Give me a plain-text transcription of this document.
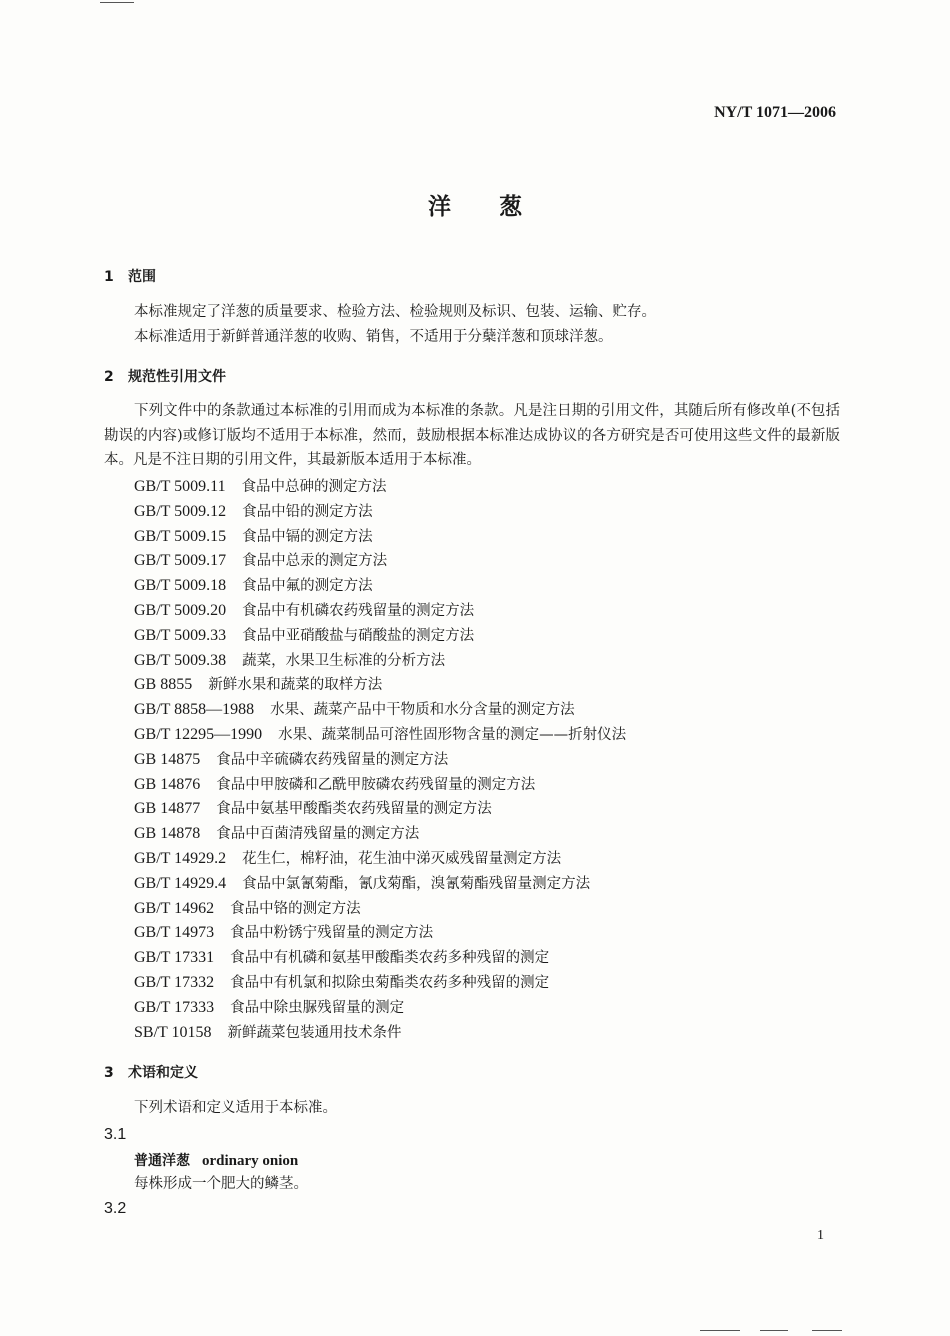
NY/T 1071—2006
洋葱
1 范围
本标准规定了洋葱的质量要求、检验方法、检验规则及标识、包装、运输、贮存。
本标准适用于新鲜普通洋葱的收购、销售，不适用于分蘖洋葱和顶球洋葱。
2 规范性引用文件
下列文件中的条款通过本标准的引用而成为本标准的条款。凡是注日期的引用文件，其随后所有修改单(不包括勘误的内容)或修订版均不适用于本标准，然而，鼓励根据本标准达成协议的各方研究是否可使用这些文件的最新版本。凡是不注日期的引用文件，其最新版本适用于本标准。
GB/T 5009.11 食品中总砷的测定方法
GB/T 5009.12 食品中铅的测定方法
GB/T 5009.15 食品中镉的测定方法
GB/T 5009.17 食品中总汞的测定方法
GB/T 5009.18 食品中氟的测定方法
GB/T 5009.20 食品中有机磷农药残留量的测定方法
GB/T 5009.33 食品中亚硝酸盐与硝酸盐的测定方法
GB/T 5009.38 蔬菜，水果卫生标准的分析方法
GB 8855 新鲜水果和蔬菜的取样方法
GB/T 8858—1988 水果、蔬菜产品中干物质和水分含量的测定方法
GB/T 12295—1990 水果、蔬菜制品可溶性固形物含量的测定——折射仪法
GB 14875 食品中辛硫磷农药残留量的测定方法
GB 14876 食品中甲胺磷和乙酰甲胺磷农药残留量的测定方法
GB 14877 食品中氨基甲酸酯类农药残留量的测定方法
GB 14878 食品中百菌清残留量的测定方法
GB/T 14929.2 花生仁，棉籽油，花生油中涕灭威残留量测定方法
GB/T 14929.4 食品中氯氰菊酯，氰戊菊酯，溴氰菊酯残留量测定方法
GB/T 14962 食品中铬的测定方法
GB/T 14973 食品中粉锈宁残留量的测定方法
GB/T 17331 食品中有机磷和氨基甲酸酯类农药多种残留的测定
GB/T 17332 食品中有机氯和拟除虫菊酯类农药多种残留的测定
GB/T 17333 食品中除虫脲残留量的测定
SB/T 10158 新鲜蔬菜包装通用技术条件
3 术语和定义
下列术语和定义适用于本标准。
3.1
普通洋葱 ordinary onion
每株形成一个肥大的鳞茎。
3.2
1
